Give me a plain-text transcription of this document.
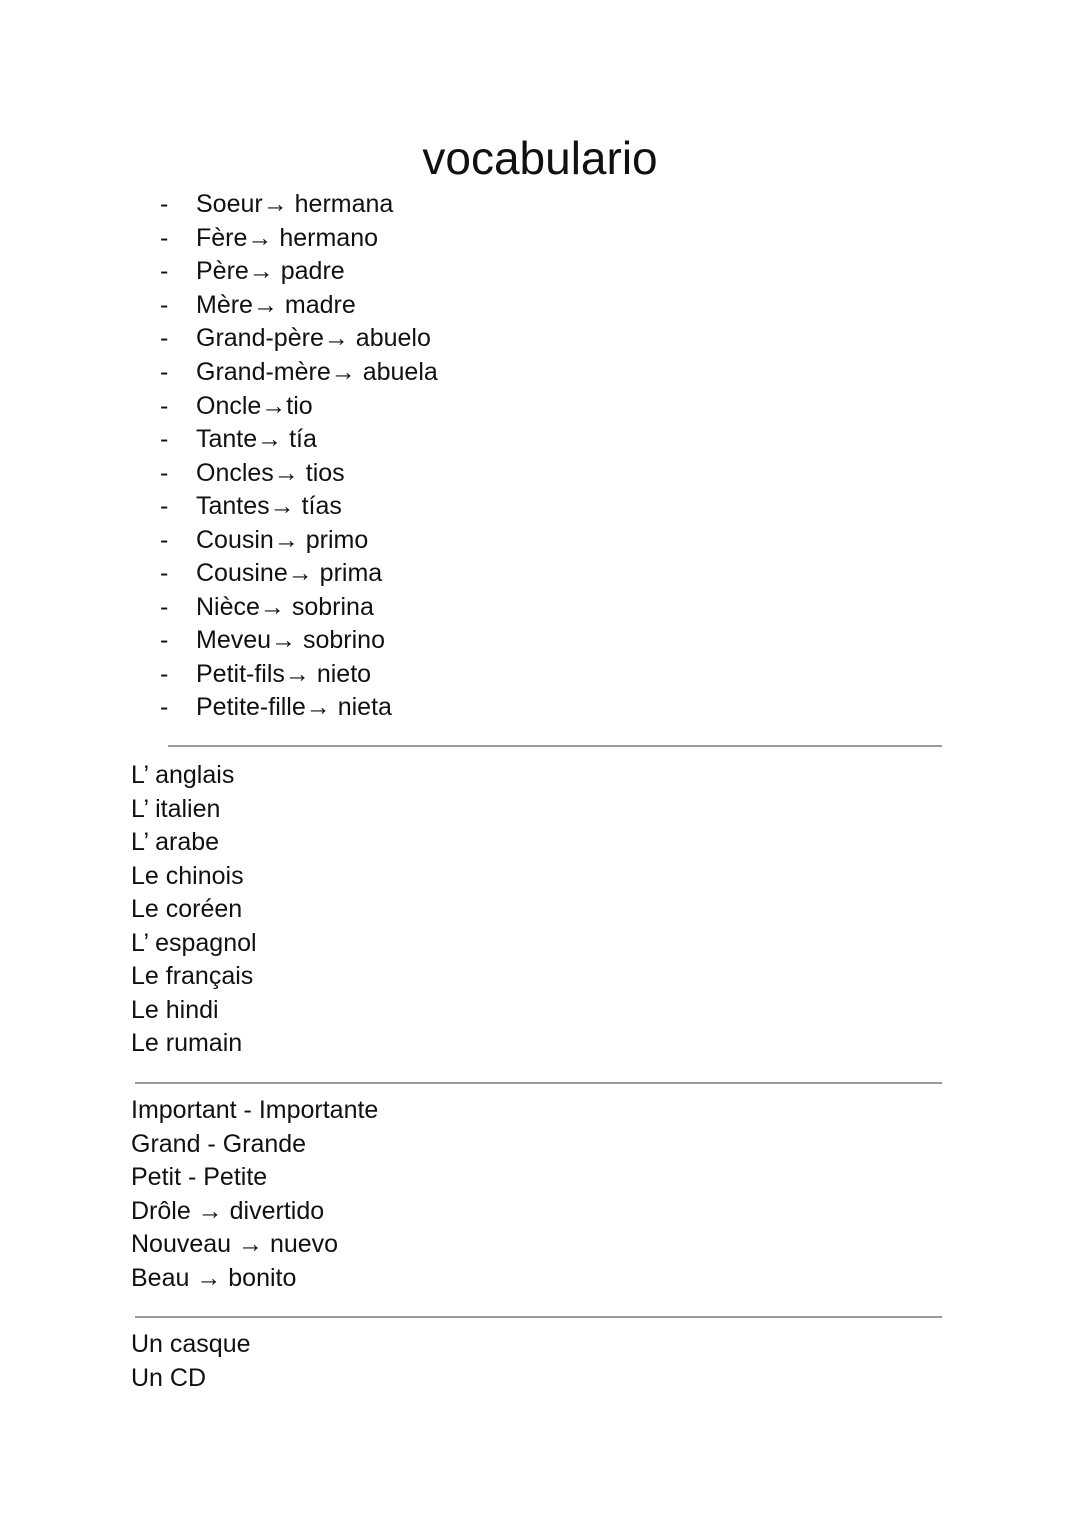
vocabulario
-	Soeur→ hermana
-	Fère→ hermano
-	Père→ padre
-	Mère→ madre
-	Grand-père→ abuelo
-	Grand-mère→ abuela
-	Oncle→tio
-	Tante→ tía
-	Oncles→ tios
-	Tantes→ tías
-	Cousin→ primo
-	Cousine→ prima
-	Nièce→ sobrina
-	Meveu→ sobrino
-	Petit-fils→ nieto
-	Petite-fille→ nieta
L’ anglais
L’ italien
L’ arabe
Le chinois
Le coréen
L’ espagnol
Le français
Le hindi
Le rumain
Important - Importante
Grand - Grande
Petit - Petite
Drôle → divertido
Nouveau → nuevo
Beau → bonito
Un casque
Un CD
